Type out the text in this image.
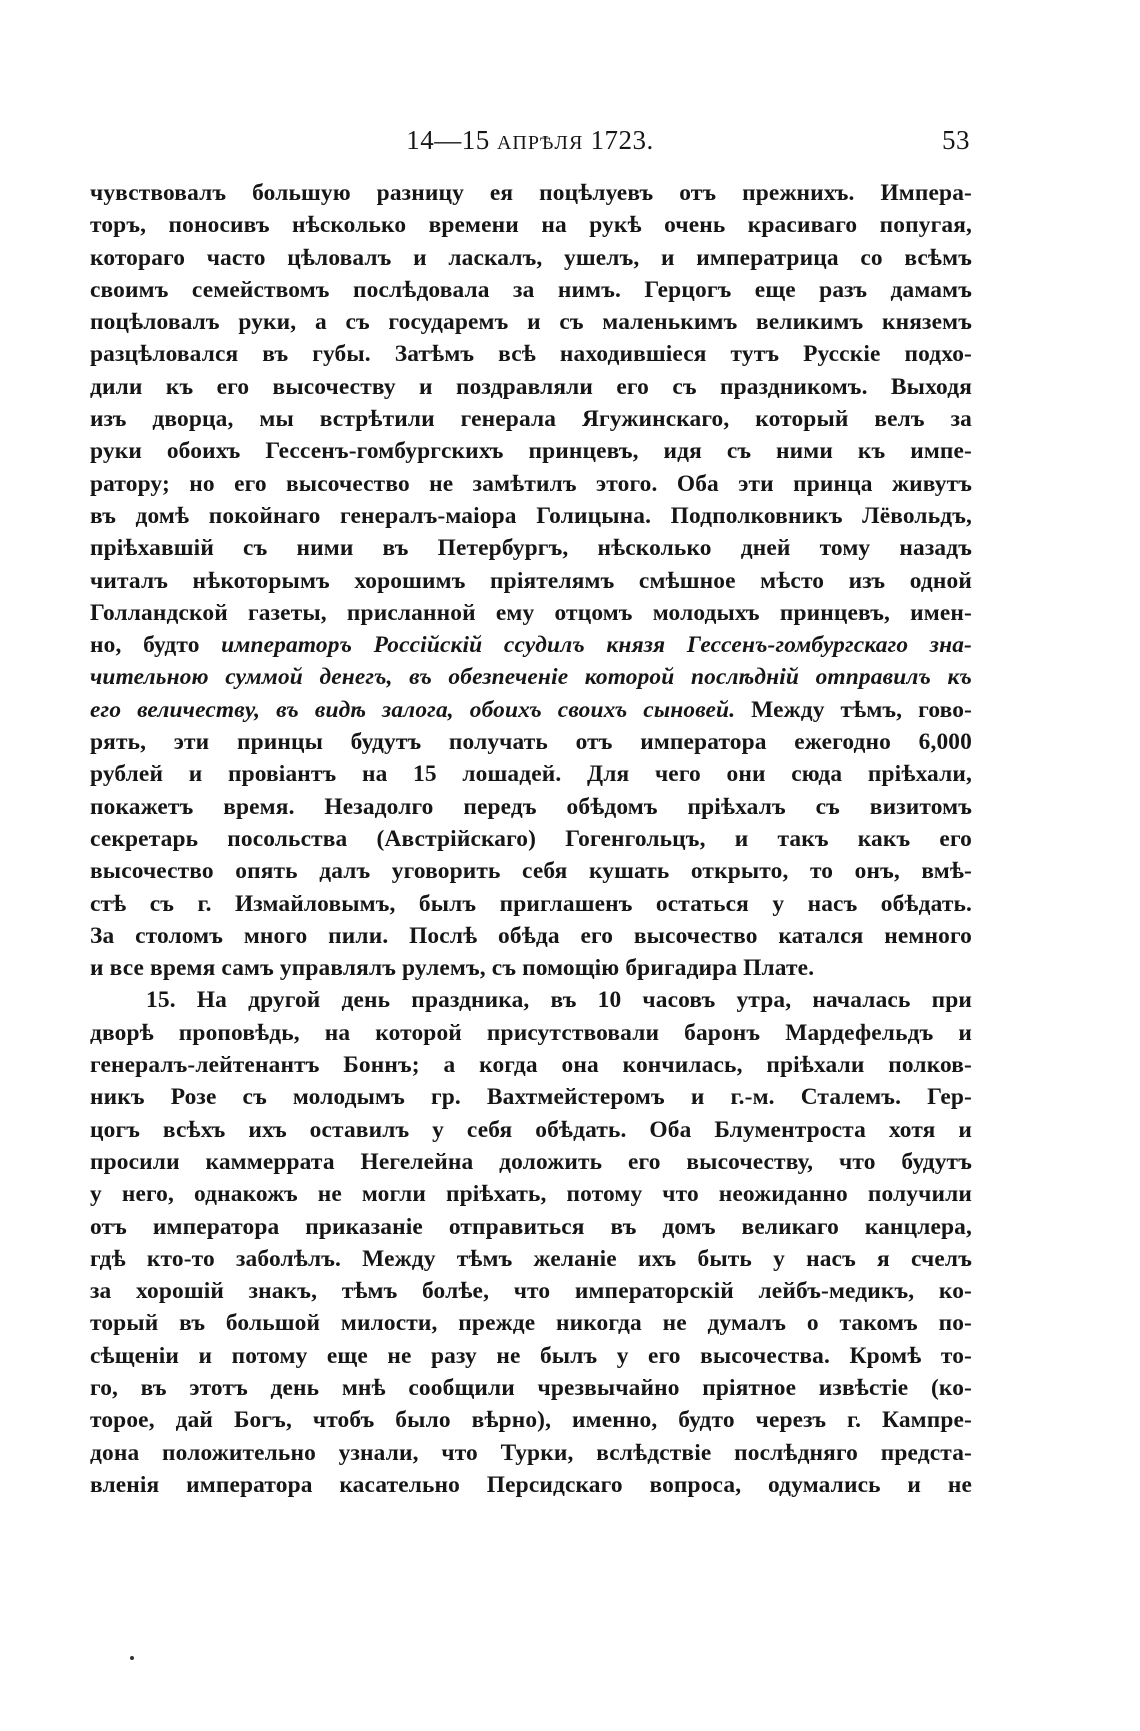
14—15 АПРѢЛЯ 1723.	53
чувствовалъ большую разницу ея поцѣлуевъ отъ прежнихъ. Импера-
торъ, поносивъ нѣсколько времени на рукѣ очень красиваго попугая,
котораго часто цѣловалъ и ласкалъ, ушелъ, и императрица со всѣмъ
своимъ семействомъ послѣдовала за нимъ. Герцогъ еще разъ дамамъ
поцѣловалъ руки, а съ государемъ и съ маленькимъ великимъ княземъ
разцѣловался въ губы. Затѣмъ всѣ находившіеся тутъ Русскіе подхо-
дили къ его высочеству и поздравляли его съ праздникомъ. Выходя
изъ дворца, мы встрѣтили генерала Ягужинскаго, который велъ за
руки обоихъ Гессенъ-гомбургскихъ принцевъ, идя съ ними къ импе-
ратору; но его высочество не замѣтилъ этого. Оба эти принца живутъ
въ домѣ покойнаго генералъ-маіора Голицына. Подполковникъ Лёвольдъ,
пріѣхавшій съ ними въ Петербургъ, нѣсколько дней тому назадъ
читалъ нѣкоторымъ хорошимъ пріятелямъ смѣшное мѣсто изъ одной
Голландской газеты, присланной ему отцомъ молодыхъ принцевъ, имен-
но, будто императоръ Россійскій ссудилъ князя Гессенъ-гомбургскаго зна-
чительною суммой денегъ, въ обезпеченіе которой послѣдній отправилъ къ
его величеству, въ видѣ залога, обоихъ своихъ сыновей. Между тѣмъ, гово-
рять, эти принцы будутъ получать отъ императора ежегодно 6,000
рублей и провіантъ на 15 лошадей. Для чего они сюда пріѣхали,
покажетъ время. Незадолго передъ обѣдомъ пріѣхалъ съ визитомъ
секретарь посольства (Австрійскаго) Гогенгольцъ, и такъ какъ его
высочество опять далъ уговорить себя кушать открыто, то онъ, вмѣ-
стѣ съ г. Измайловымъ, былъ приглашенъ остаться у насъ обѣдать.
За столомъ много пили. Послѣ обѣда его высочество катался немного
и все время самъ управлялъ рулемъ, съ помощію бригадира Плате.
15. На другой день праздника, въ 10 часовъ утра, началась при
дворѣ проповѣдь, на которой присутствовали баронъ Мардефельдъ и
генералъ-лейтенантъ Боннъ; а когда она кончилась, пріѣхали полков-
никъ Розе съ молодымъ гр. Вахтмейстеромъ и г.-м. Сталемъ. Гер-
цогъ всѣхъ ихъ оставилъ у себя обѣдать. Оба Блументроста хотя и
просили каммеррата Негелейна доложить его высочеству, что будутъ
у него, однакожъ не могли пріѣхать, потому что неожиданно получили
отъ императора приказаніе отправиться въ домъ великаго канцлера,
гдѣ кто-то заболѣлъ. Между тѣмъ желаніе ихъ быть у насъ я счелъ
за хорошій знакъ, тѣмъ болѣе, что императорскій лейбъ-медикъ, ко-
торый въ большой милости, прежде никогда не думалъ о такомъ по-
сѣщеніи и потому еще не разу не былъ у его высочества. Кромѣ то-
го, въ этотъ день мнѣ сообщили чрезвычайно пріятное извѣстіе (ко-
торое, дай Богъ, чтобъ было вѣрно), именно, будто черезъ г. Кампре-
дона положительно узнали, что Турки, вслѣдствіе послѣдняго предста-
вленія императора касательно Персидскаго вопроса, одумались и не
